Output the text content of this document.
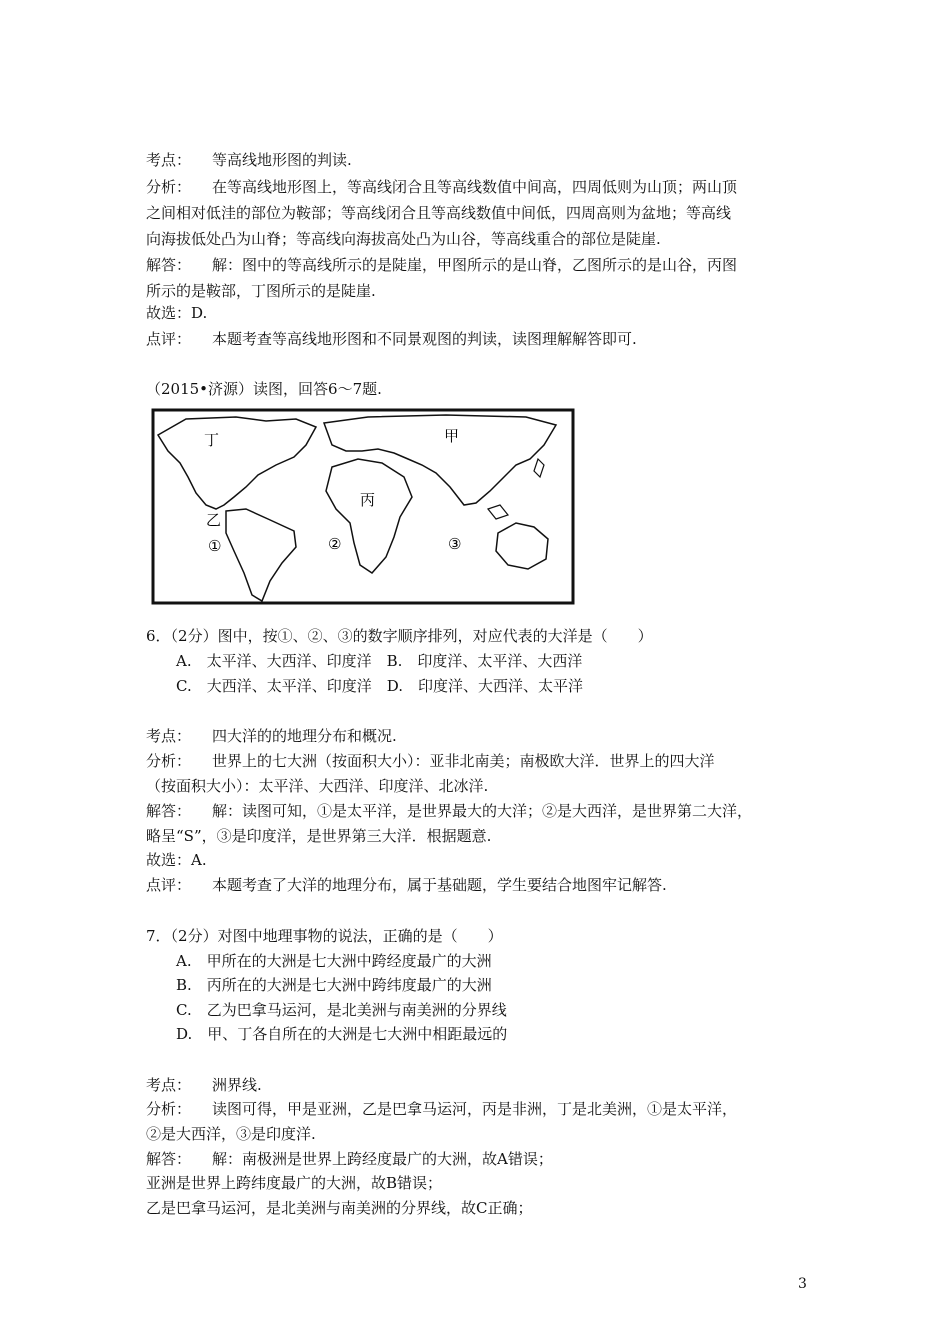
考点： 等高线地形图的判读.
分析： 在等高线地形图上，等高线闭合且等高线数值中间高，四周低则为山顶；两山顶
之间相对低洼的部位为鞍部；等高线闭合且等高线数值中间低，四周高则为盆地；等高线
向海拔低处凸为山脊；等高线向海拔高处凸为山谷，等高线重合的部位是陡崖.
解答： 解：图中的等高线所示的是陡崖，甲图所示的是山脊，乙图所示的是山谷，丙图
所示的是鞍部，丁图所示的是陡崖.
故选：D.
点评： 本题考查等高线地形图和不同景观图的判读，读图理解解答即可.
（2015•济源）读图，回答6～7题.
丁	甲
丙
乙
①	②	③
6．（2分）图中，按①、②、③的数字顺序排列，对应代表的大洋是（　　）
A.　太平洋、大西洋、印度洋　 B.　印度洋、太平洋、大西洋
C.　大西洋、太平洋、印度洋　 D.　印度洋、大西洋、太平洋
考点： 四大洋的的地理分布和概况.
分析： 世界上的七大洲（按面积大小）：亚非北南美；南极欧大洋．世界上的四大洋
（按面积大小）：太平洋、大西洋、印度洋、北冰洋.
解答： 解：读图可知，①是太平洋，是世界最大的大洋；②是大西洋，是世界第二大洋，
略呈“S”，③是印度洋，是世界第三大洋．根据题意.
故选：A.
点评： 本题考查了大洋的地理分布，属于基础题，学生要结合地图牢记解答.
7．（2分）对图中地理事物的说法，正确的是（　　）
A.　甲所在的大洲是七大洲中跨经度最广的大洲
B.　丙所在的大洲是七大洲中跨纬度最广的大洲
C.　乙为巴拿马运河，是北美洲与南美洲的分界线
D.　甲、丁各自所在的大洲是七大洲中相距最远的
考点： 洲界线.
分析： 读图可得，甲是亚洲，乙是巴拿马运河，丙是非洲，丁是北美洲，①是太平洋，
②是大西洋，③是印度洋.
解答： 解：南极洲是世界上跨经度最广的大洲，故A错误；
亚洲是世界上跨纬度最广的大洲，故B错误；
乙是巴拿马运河，是北美洲与南美洲的分界线，故C正确；
3
